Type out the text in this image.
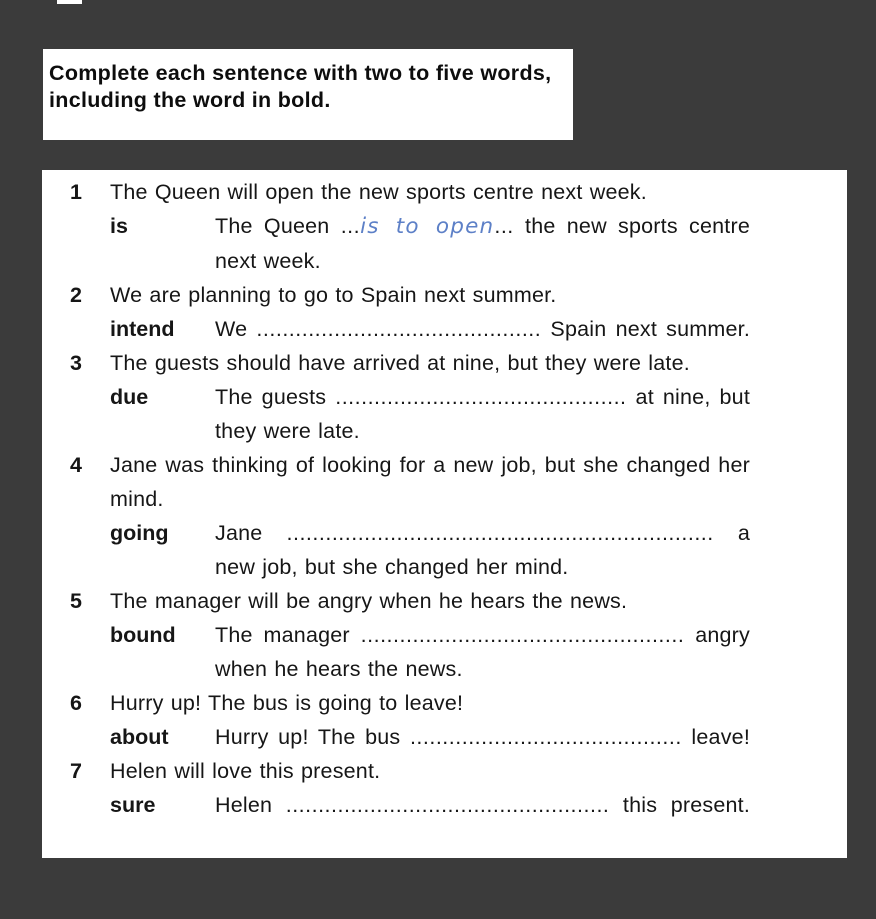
Complete each sentence with two to five words, including the word in bold.

1	The Queen will open the new sports centre next week.

is	The Queen ...is to open... the new sports centre next week.

2	We are planning to go to Spain next summer.

intend	We ............................................ Spain next summer.

3	The guests should have arrived at nine, but they were late.

due	The guests ............................................. at nine, but they were late.

4	Jane was thinking of looking for a new job, but she changed her mind.

going	Jane .................................................................. a new job, but she changed her mind.

5	The manager will be angry when he hears the news.

bound	The manager .................................................. angry when he hears the news.

6	Hurry up! The bus is going to leave!

about	Hurry up! The bus .......................................... leave!

7	Helen will love this present.

sure	Helen .................................................. this present.
